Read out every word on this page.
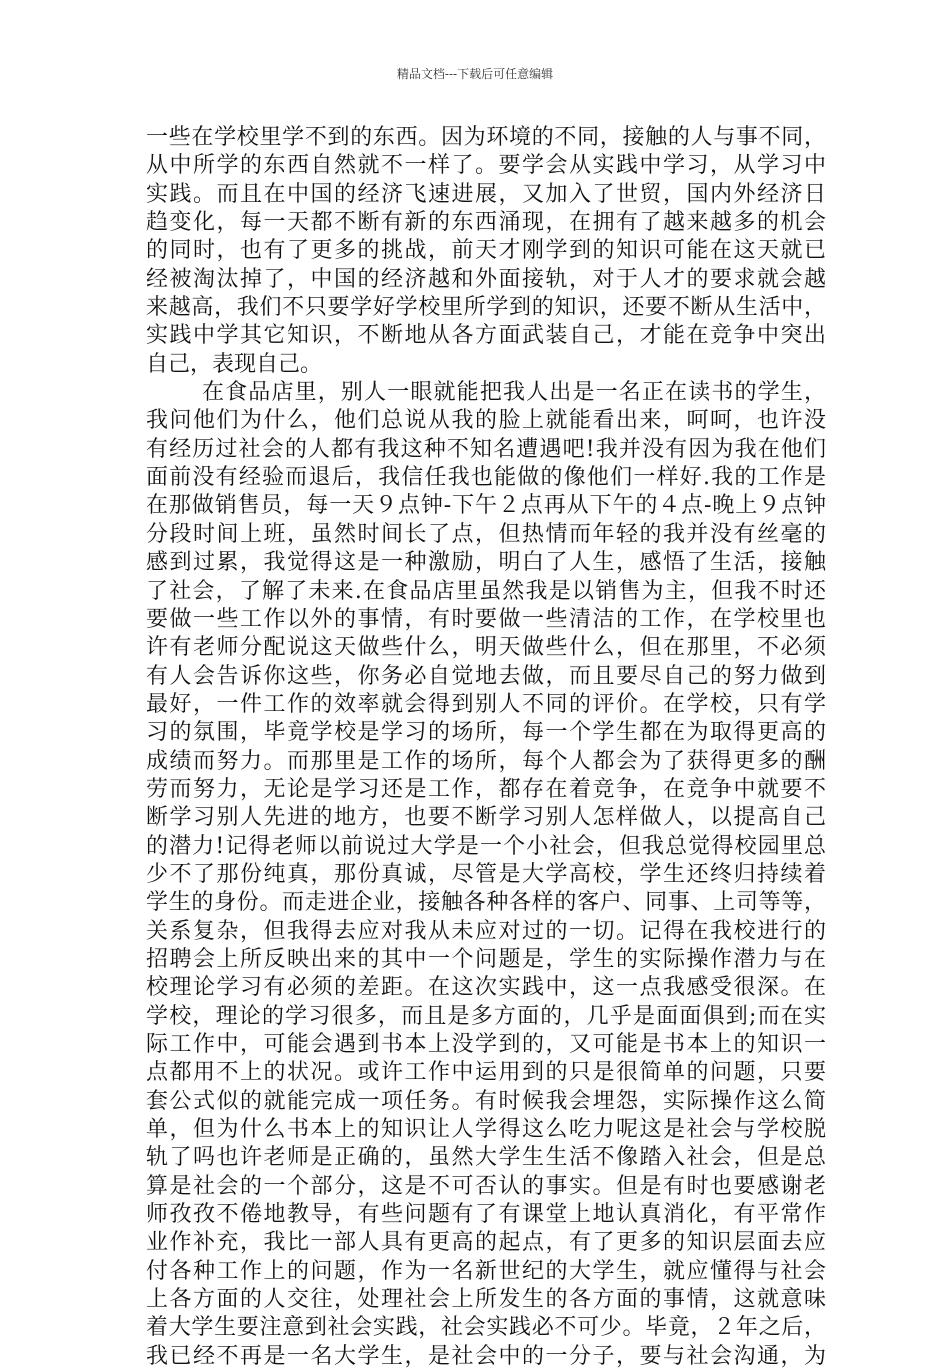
精品文档---下载后可任意编辑
一些在学校里学不到的东西。因为环境的不同，接触的人与事不同，
从中所学的东西自然就不一样了。要学会从实践中学习，从学习中
实践。而且在中国的经济飞速进展，又加入了世贸，国内外经济日
趋变化，每一天都不断有新的东西涌现，在拥有了越来越多的机会
的同时，也有了更多的挑战，前天才刚学到的知识可能在这天就已
经被淘汰掉了，中国的经济越和外面接轨，对于人才的要求就会越
来越高，我们不只要学好学校里所学到的知识，还要不断从生活中，
实践中学其它知识，不断地从各方面武装自己，才能在竞争中突出
自己，表现自己。
在食品店里，别人一眼就能把我人出是一名正在读书的学生，
我问他们为什么，他们总说从我的脸上就能看出来，呵呵，也许没
有经历过社会的人都有我这种不知名遭遇吧!我并没有因为我在他们
面前没有经验而退后，我信任我也能做的像他们一样好.我的工作是
在那做销售员，每一天９点钟-下午２点再从下午的４点-晚上９点钟
分段时间上班，虽然时间长了点，但热情而年轻的我并没有丝毫的
感到过累，我觉得这是一种激励，明白了人生，感悟了生活，接触
了社会，了解了未来.在食品店里虽然我是以销售为主，但我不时还
要做一些工作以外的事情，有时要做一些清洁的工作，在学校里也
许有老师分配说这天做些什么，明天做些什么，但在那里，不必须
有人会告诉你这些，你务必自觉地去做，而且要尽自己的努力做到
最好，一件工作的效率就会得到别人不同的评价。在学校，只有学
习的氛围，毕竟学校是学习的场所，每一个学生都在为取得更高的
成绩而努力。而那里是工作的场所，每个人都会为了获得更多的酬
劳而努力，无论是学习还是工作，都存在着竞争，在竞争中就要不
断学习别人先进的地方，也要不断学习别人怎样做人，以提高自己
的潜力!记得老师以前说过大学是一个小社会，但我总觉得校园里总
少不了那份纯真，那份真诚，尽管是大学高校，学生还终归持续着
学生的身份。而走进企业，接触各种各样的客户、同事、上司等等，
关系复杂，但我得去应对我从未应对过的一切。记得在我校进行的
招聘会上所反映出来的其中一个问题是，学生的实际操作潜力与在
校理论学习有必须的差距。在这次实践中，这一点我感受很深。在
学校，理论的学习很多，而且是多方面的，几乎是面面俱到;而在实
际工作中，可能会遇到书本上没学到的，又可能是书本上的知识一
点都用不上的状况。或许工作中运用到的只是很简单的问题，只要
套公式似的就能完成一项任务。有时候我会埋怨，实际操作这么简
单，但为什么书本上的知识让人学得这么吃力呢这是社会与学校脱
轨了吗也许老师是正确的，虽然大学生生活不像踏入社会，但是总
算是社会的一个部分，这是不可否认的事实。但是有时也要感谢老
师孜孜不倦地教导，有些问题有了有课堂上地认真消化，有平常作
业作补充，我比一部人具有更高的起点，有了更多的知识层面去应
付各种工作上的问题，作为一名新世纪的大学生，就应懂得与社会
上各方面的人交往，处理社会上所发生的各方面的事情，这就意味
着大学生要注意到社会实践，社会实践必不可少。毕竟，２年之后，
我已经不再是一名大学生，是社会中的一分子，要与社会沟通，为
